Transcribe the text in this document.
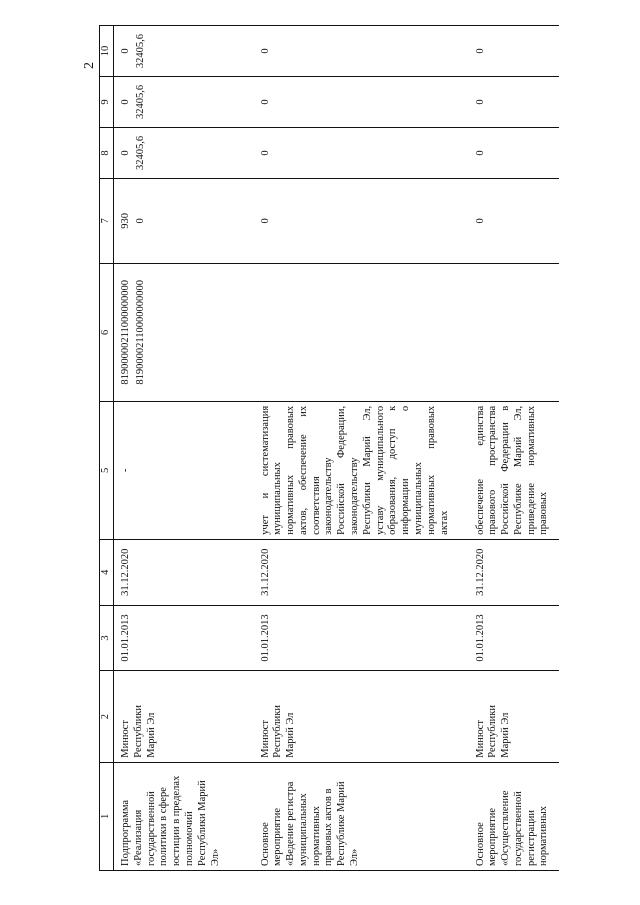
2
1	2	3	4	5	6	7	8	9	10
Подпрограмма «Реализация государственной политики в сфере юстиции в пределах полномочий Республики Марий Эл»	Минюст Республики Марий Эл	01.01.2013	31.12.2020	-	81900000211000000000 81900002110000000000	930 0	0 32405,6	0 32405,6	0 32405,6

Основное мероприятие «Ведение регистра муниципальных нормативных правовых актов в Республике Марий Эл»	Минюст Республики Марий Эл	01.01.2013	31.12.2020	учет и систематизация муниципальных нормативных правовых актов, обеспечение их соответствия законодательству Российской Федерации, законодательству Республики Марий Эл, уставу муниципального образования, доступ к информации о муниципальных нормативных правовых актах		0	0	0	0
Основное мероприятие «Осуществление государственной регистрации нормативных	Минюст Республики Марий Эл	01.01.2013	31.12.2020	обеспечение единства правового пространства Российской Федерации в Республике Марий Эл, приведение нормативных правовых		0	0	0	0
